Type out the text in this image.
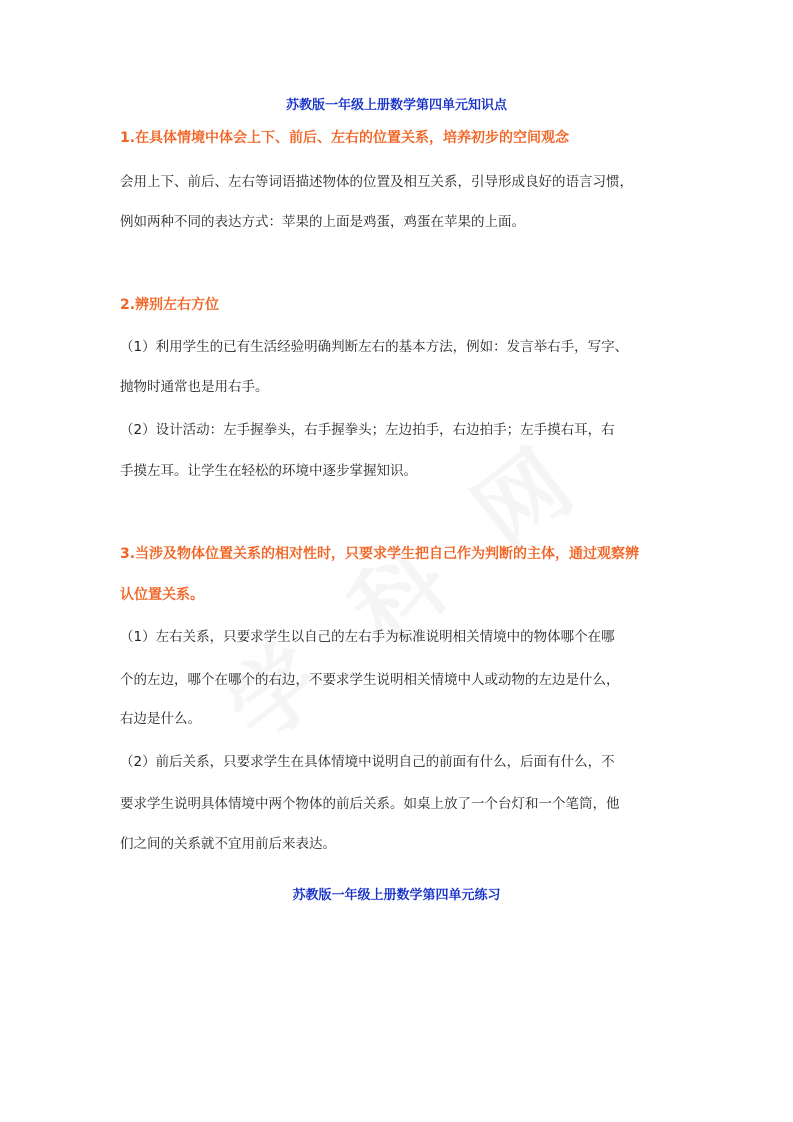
苏教版一年级上册数学第四单元知识点
1.在具体情境中体会上下、前后、左右的位置关系，培养初步的空间观念
会用上下、前后、左右等词语描述物体的位置及相互关系，引导形成良好的语言习惯，
例如两种不同的表达方式：苹果的上面是鸡蛋，鸡蛋在苹果的上面。
2.辨别左右方位
（1）利用学生的已有生活经验明确判断左右的基本方法，例如：发言举右手，写字、
抛物时通常也是用右手。
（2）设计活动：左手握拳头，右手握拳头；左边拍手，右边拍手；左手摸右耳，右
手摸左耳。让学生在轻松的环境中逐步掌握知识。
3.当涉及物体位置关系的相对性时，只要求学生把自己作为判断的主体，通过观察辨
认位置关系。
（1）左右关系，只要求学生以自己的左右手为标准说明相关情境中的物体哪个在哪
个的左边，哪个在哪个的右边，不要求学生说明相关情境中人或动物的左边是什么，
右边是什么。
（2）前后关系，只要求学生在具体情境中说明自己的前面有什么，后面有什么，不
要求学生说明具体情境中两个物体的前后关系。如桌上放了一个台灯和一个笔筒，他
们之间的关系就不宜用前后来表达。
苏教版一年级上册数学第四单元练习
